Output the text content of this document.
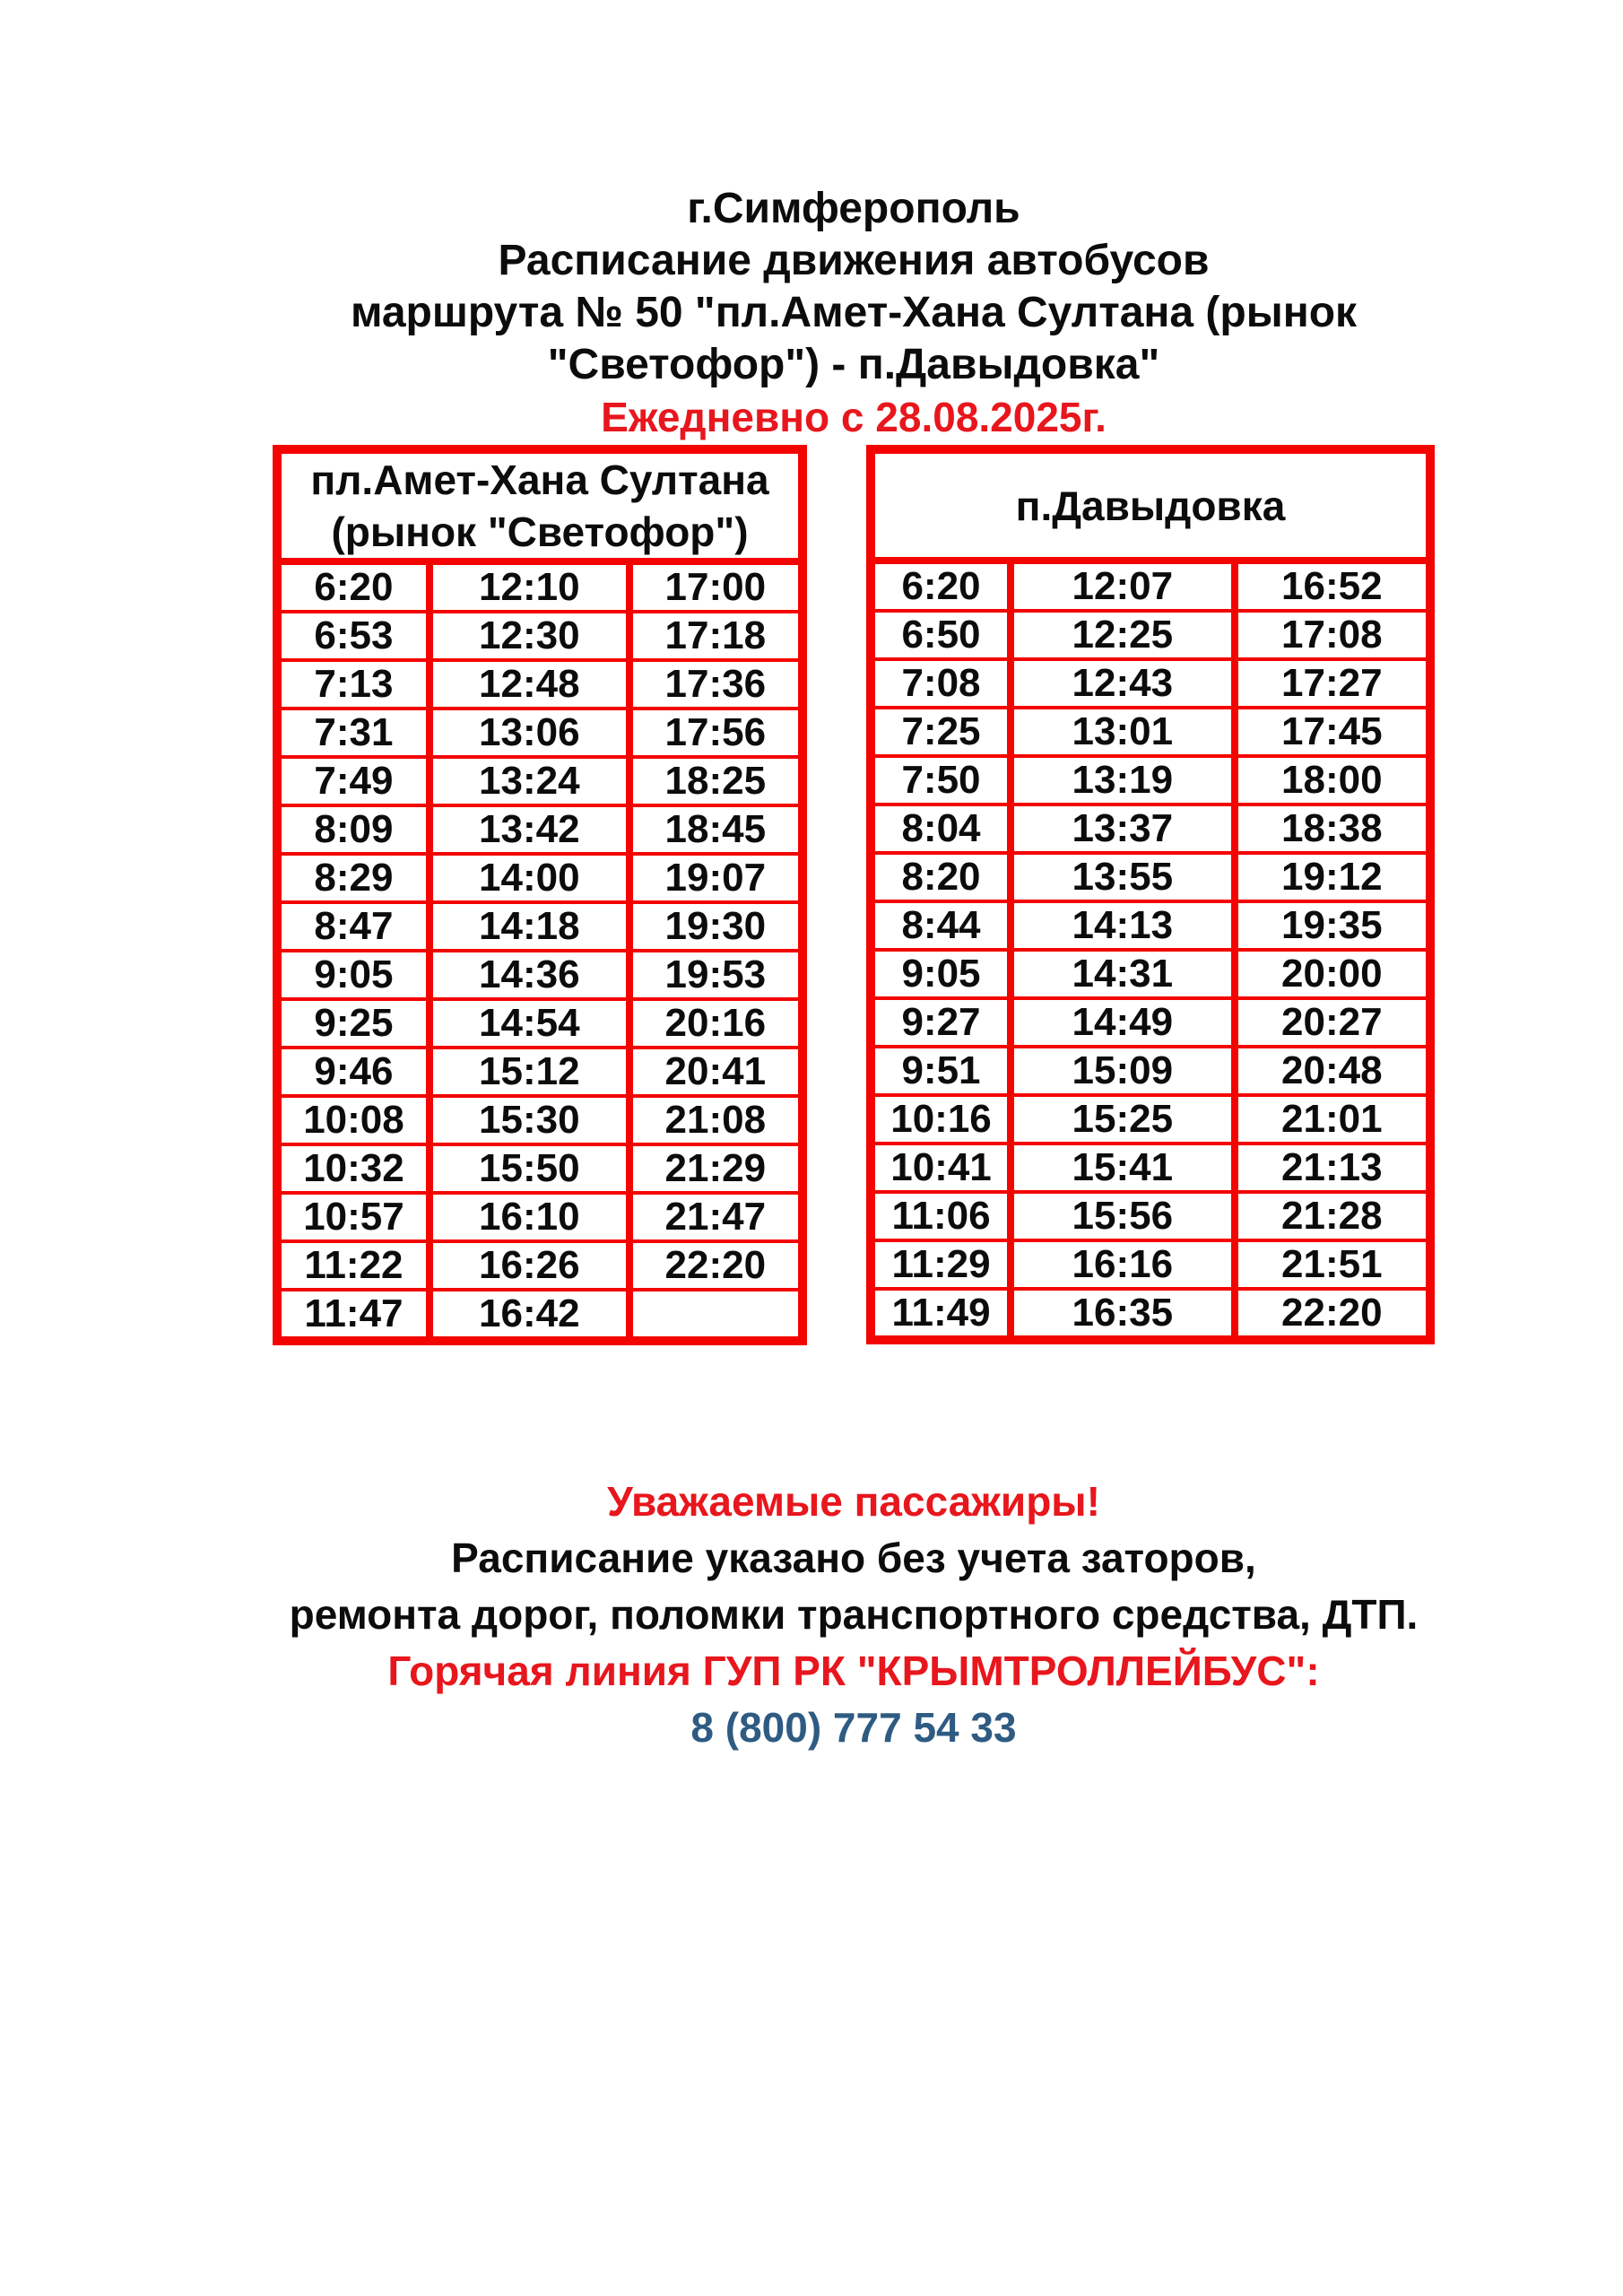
г.Симферополь
Расписание движения автобусов
маршрута № 50 "пл.Амет-Хана Султана (рынок
"Светофор") - п.Давыдовка"
Ежедневно с 28.08.2025г.
пл.Амет-Хана Султана
(рынок "Светофор")		

6:20	12:10	17:00
6:53	12:30	17:18
7:13	12:48	17:36
7:31	13:06	17:56
7:49	13:24	18:25
8:09	13:42	18:45
8:29	14:00	19:07
8:47	14:18	19:30
9:05	14:36	19:53
9:25	14:54	20:16
9:46	15:12	20:41
10:08	15:30	21:08
10:32	15:50	21:29
10:57	16:10	21:47
11:22	16:26	22:20
11:47	16:42	
п.Давыдовка		

6:20	12:07	16:52
6:50	12:25	17:08
7:08	12:43	17:27
7:25	13:01	17:45
7:50	13:19	18:00
8:04	13:37	18:38
8:20	13:55	19:12
8:44	14:13	19:35
9:05	14:31	20:00
9:27	14:49	20:27
9:51	15:09	20:48
10:16	15:25	21:01
10:41	15:41	21:13
11:06	15:56	21:28
11:29	16:16	21:51
11:49	16:35	22:20
Уважаемые пассажиры!
Расписание указано без учета заторов,
ремонта дорог, поломки транспортного средства, ДТП.
Горячая линия ГУП РК "КРЫМТРОЛЛЕЙБУС":
8 (800) 777 54 33
